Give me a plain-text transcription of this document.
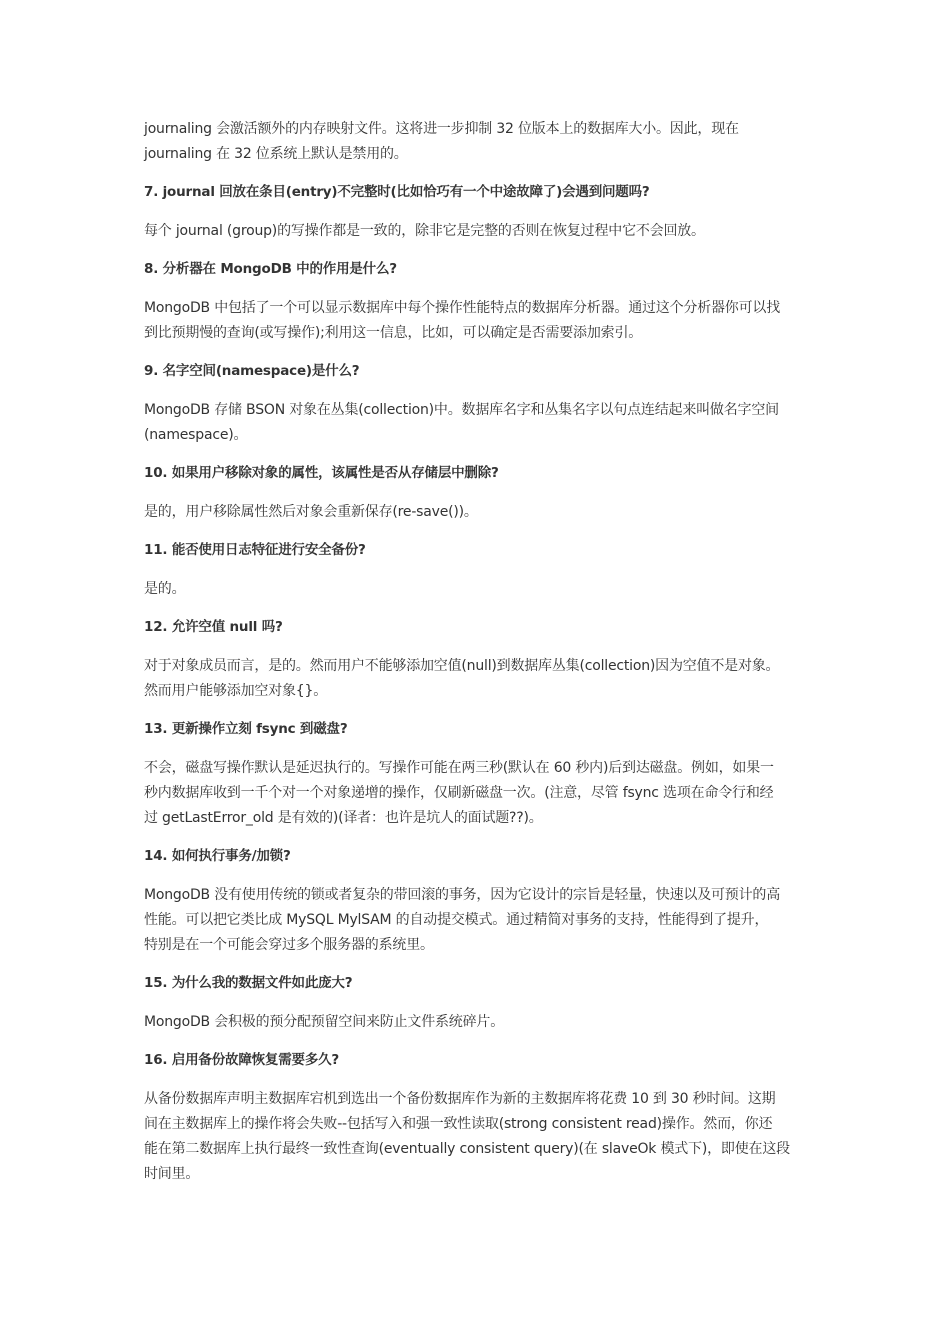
journaling 会激活额外的内存映射文件。这将进一步抑制 32 位版本上的数据库大小。因此，现在
journaling 在 32 位系统上默认是禁用的。

7. journal 回放在条目(entry)不完整时(比如恰巧有一个中途故障了)会遇到问题吗?

每个 journal (group)的写操作都是一致的，除非它是完整的否则在恢复过程中它不会回放。

8. 分析器在 MongoDB 中的作用是什么?

MongoDB 中包括了一个可以显示数据库中每个操作性能特点的数据库分析器。通过这个分析器你可以找
到比预期慢的查询(或写操作);利用这一信息，比如，可以确定是否需要添加索引。

9. 名字空间(namespace)是什么?

MongoDB 存储 BSON 对象在丛集(collection)中。数据库名字和丛集名字以句点连结起来叫做名字空间
(namespace)。

10. 如果用户移除对象的属性，该属性是否从存储层中删除?

是的，用户移除属性然后对象会重新保存(re-save())。

11. 能否使用日志特征进行安全备份?

是的。

12. 允许空值 null 吗?

对于对象成员而言，是的。然而用户不能够添加空值(null)到数据库丛集(collection)因为空值不是对象。
然而用户能够添加空对象{}。

13. 更新操作立刻 fsync 到磁盘?

不会，磁盘写操作默认是延迟执行的。写操作可能在两三秒(默认在 60 秒内)后到达磁盘。例如，如果一
秒内数据库收到一千个对一个对象递增的操作，仅刷新磁盘一次。(注意，尽管 fsync 选项在命令行和经
过 getLastError_old 是有效的)(译者：也许是坑人的面试题??)。

14. 如何执行事务/加锁?

MongoDB 没有使用传统的锁或者复杂的带回滚的事务，因为它设计的宗旨是轻量，快速以及可预计的高
性能。可以把它类比成 MySQL MylSAM 的自动提交模式。通过精简对事务的支持，性能得到了提升，
特别是在一个可能会穿过多个服务器的系统里。

15. 为什么我的数据文件如此庞大?

MongoDB 会积极的预分配预留空间来防止文件系统碎片。

16. 启用备份故障恢复需要多久?

从备份数据库声明主数据库宕机到选出一个备份数据库作为新的主数据库将花费 10 到 30 秒时间。这期
间在主数据库上的操作将会失败--包括写入和强一致性读取(strong consistent read)操作。然而，你还
能在第二数据库上执行最终一致性查询(eventually consistent query)(在 slaveOk 模式下)，即使在这段
时间里。
